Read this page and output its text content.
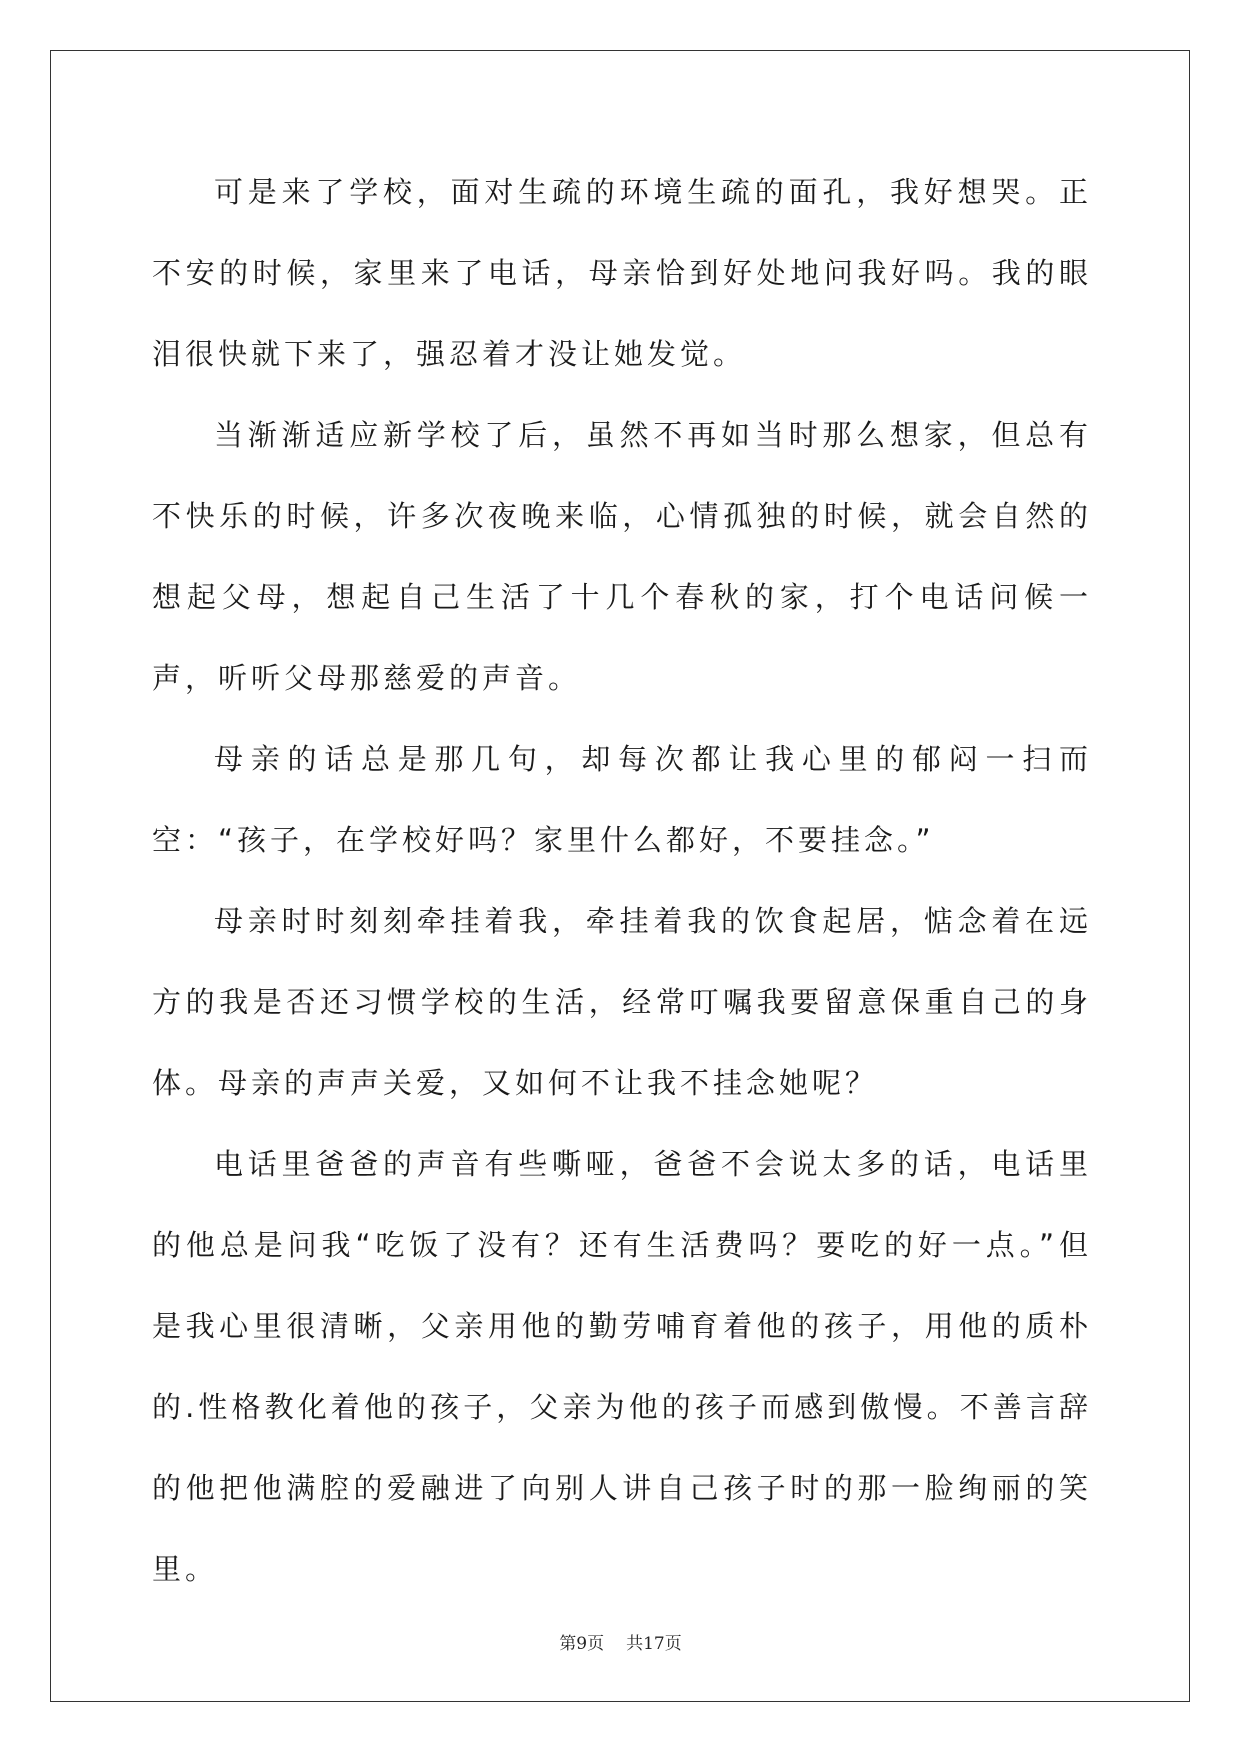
可是来了学校，面对生疏的环境生疏的面孔，我好想哭。正不安的时候，家里来了电话，母亲恰到好处地问我好吗。我的眼泪很快就下来了，强忍着才没让她发觉。

当渐渐适应新学校了后，虽然不再如当时那么想家，但总有不快乐的时候，许多次夜晚来临，心情孤独的时候，就会自然的想起父母，想起自己生活了十几个春秋的家，打个电话问候一声，听听父母那慈爱的声音。

母亲的话总是那几句，却每次都让我心里的郁闷一扫而空：“孩子，在学校好吗？家里什么都好，不要挂念。”

母亲时时刻刻牵挂着我，牵挂着我的饮食起居，惦念着在远方的我是否还习惯学校的生活，经常叮嘱我要留意保重自己的身体。母亲的声声关爱，又如何不让我不挂念她呢？

电话里爸爸的声音有些嘶哑，爸爸不会说太多的话，电话里的他总是问我“吃饭了没有？还有生活费吗？要吃的好一点。”但是我心里很清晰，父亲用他的勤劳哺育着他的孩子，用他的质朴的.性格教化着他的孩子，父亲为他的孩子而感到傲慢。不善言辞的他把他满腔的爱融进了向别人讲自己孩子时的那一脸绚丽的笑里。

第9页 共17页
